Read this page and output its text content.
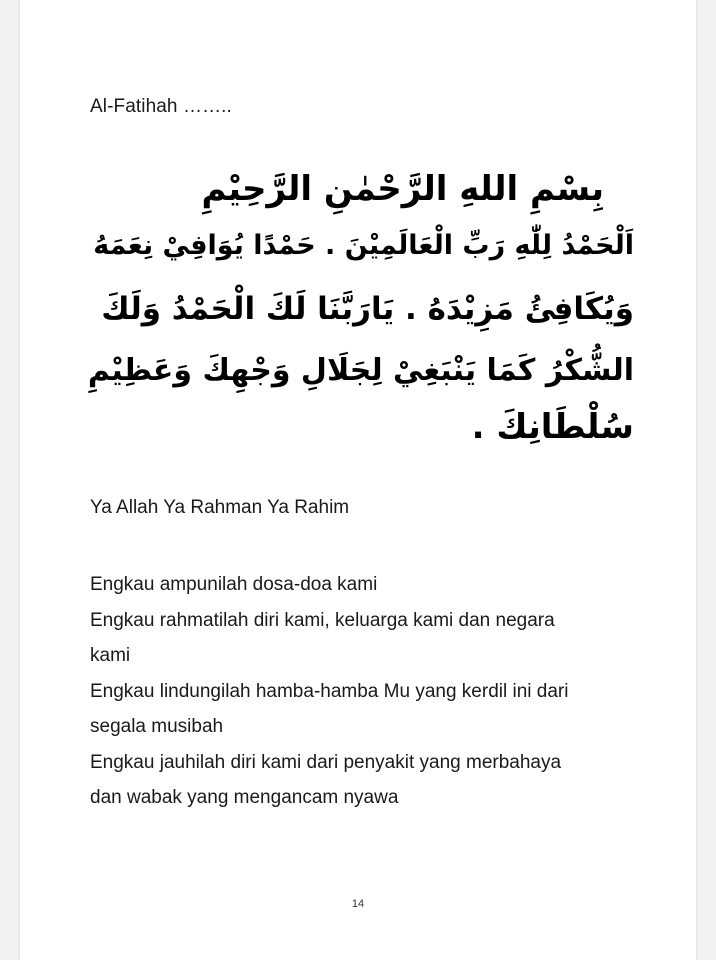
Al-Fatihah ……..
بِسْمِ اللهِ الرَّحْمٰنِ الرَّحِيْمِ
اَلْحَمْدُ لِلّٰهِ رَبِّ الْعَالَمِيْنَ . حَمْدًا يُوَافِيْ نِعَمَهُ
وَيُكَافِئُ مَزِيْدَهُ . يَارَبَّنَا لَكَ الْحَمْدُ وَلَكَ
الشُّكْرُ كَمَا يَنْبَغِيْ لِجَلَالِ وَجْهِكَ وَعَظِيْمِ
سُلْطَانِكَ .
Ya Allah Ya Rahman Ya Rahim
Engkau ampunilah dosa-doa kami
Engkau rahmatilah diri kami, keluarga kami dan negara
kami
Engkau lindungilah hamba-hamba Mu yang kerdil ini dari
segala musibah
Engkau jauhilah diri kami dari penyakit yang merbahaya
dan wabak yang mengancam nyawa
14
